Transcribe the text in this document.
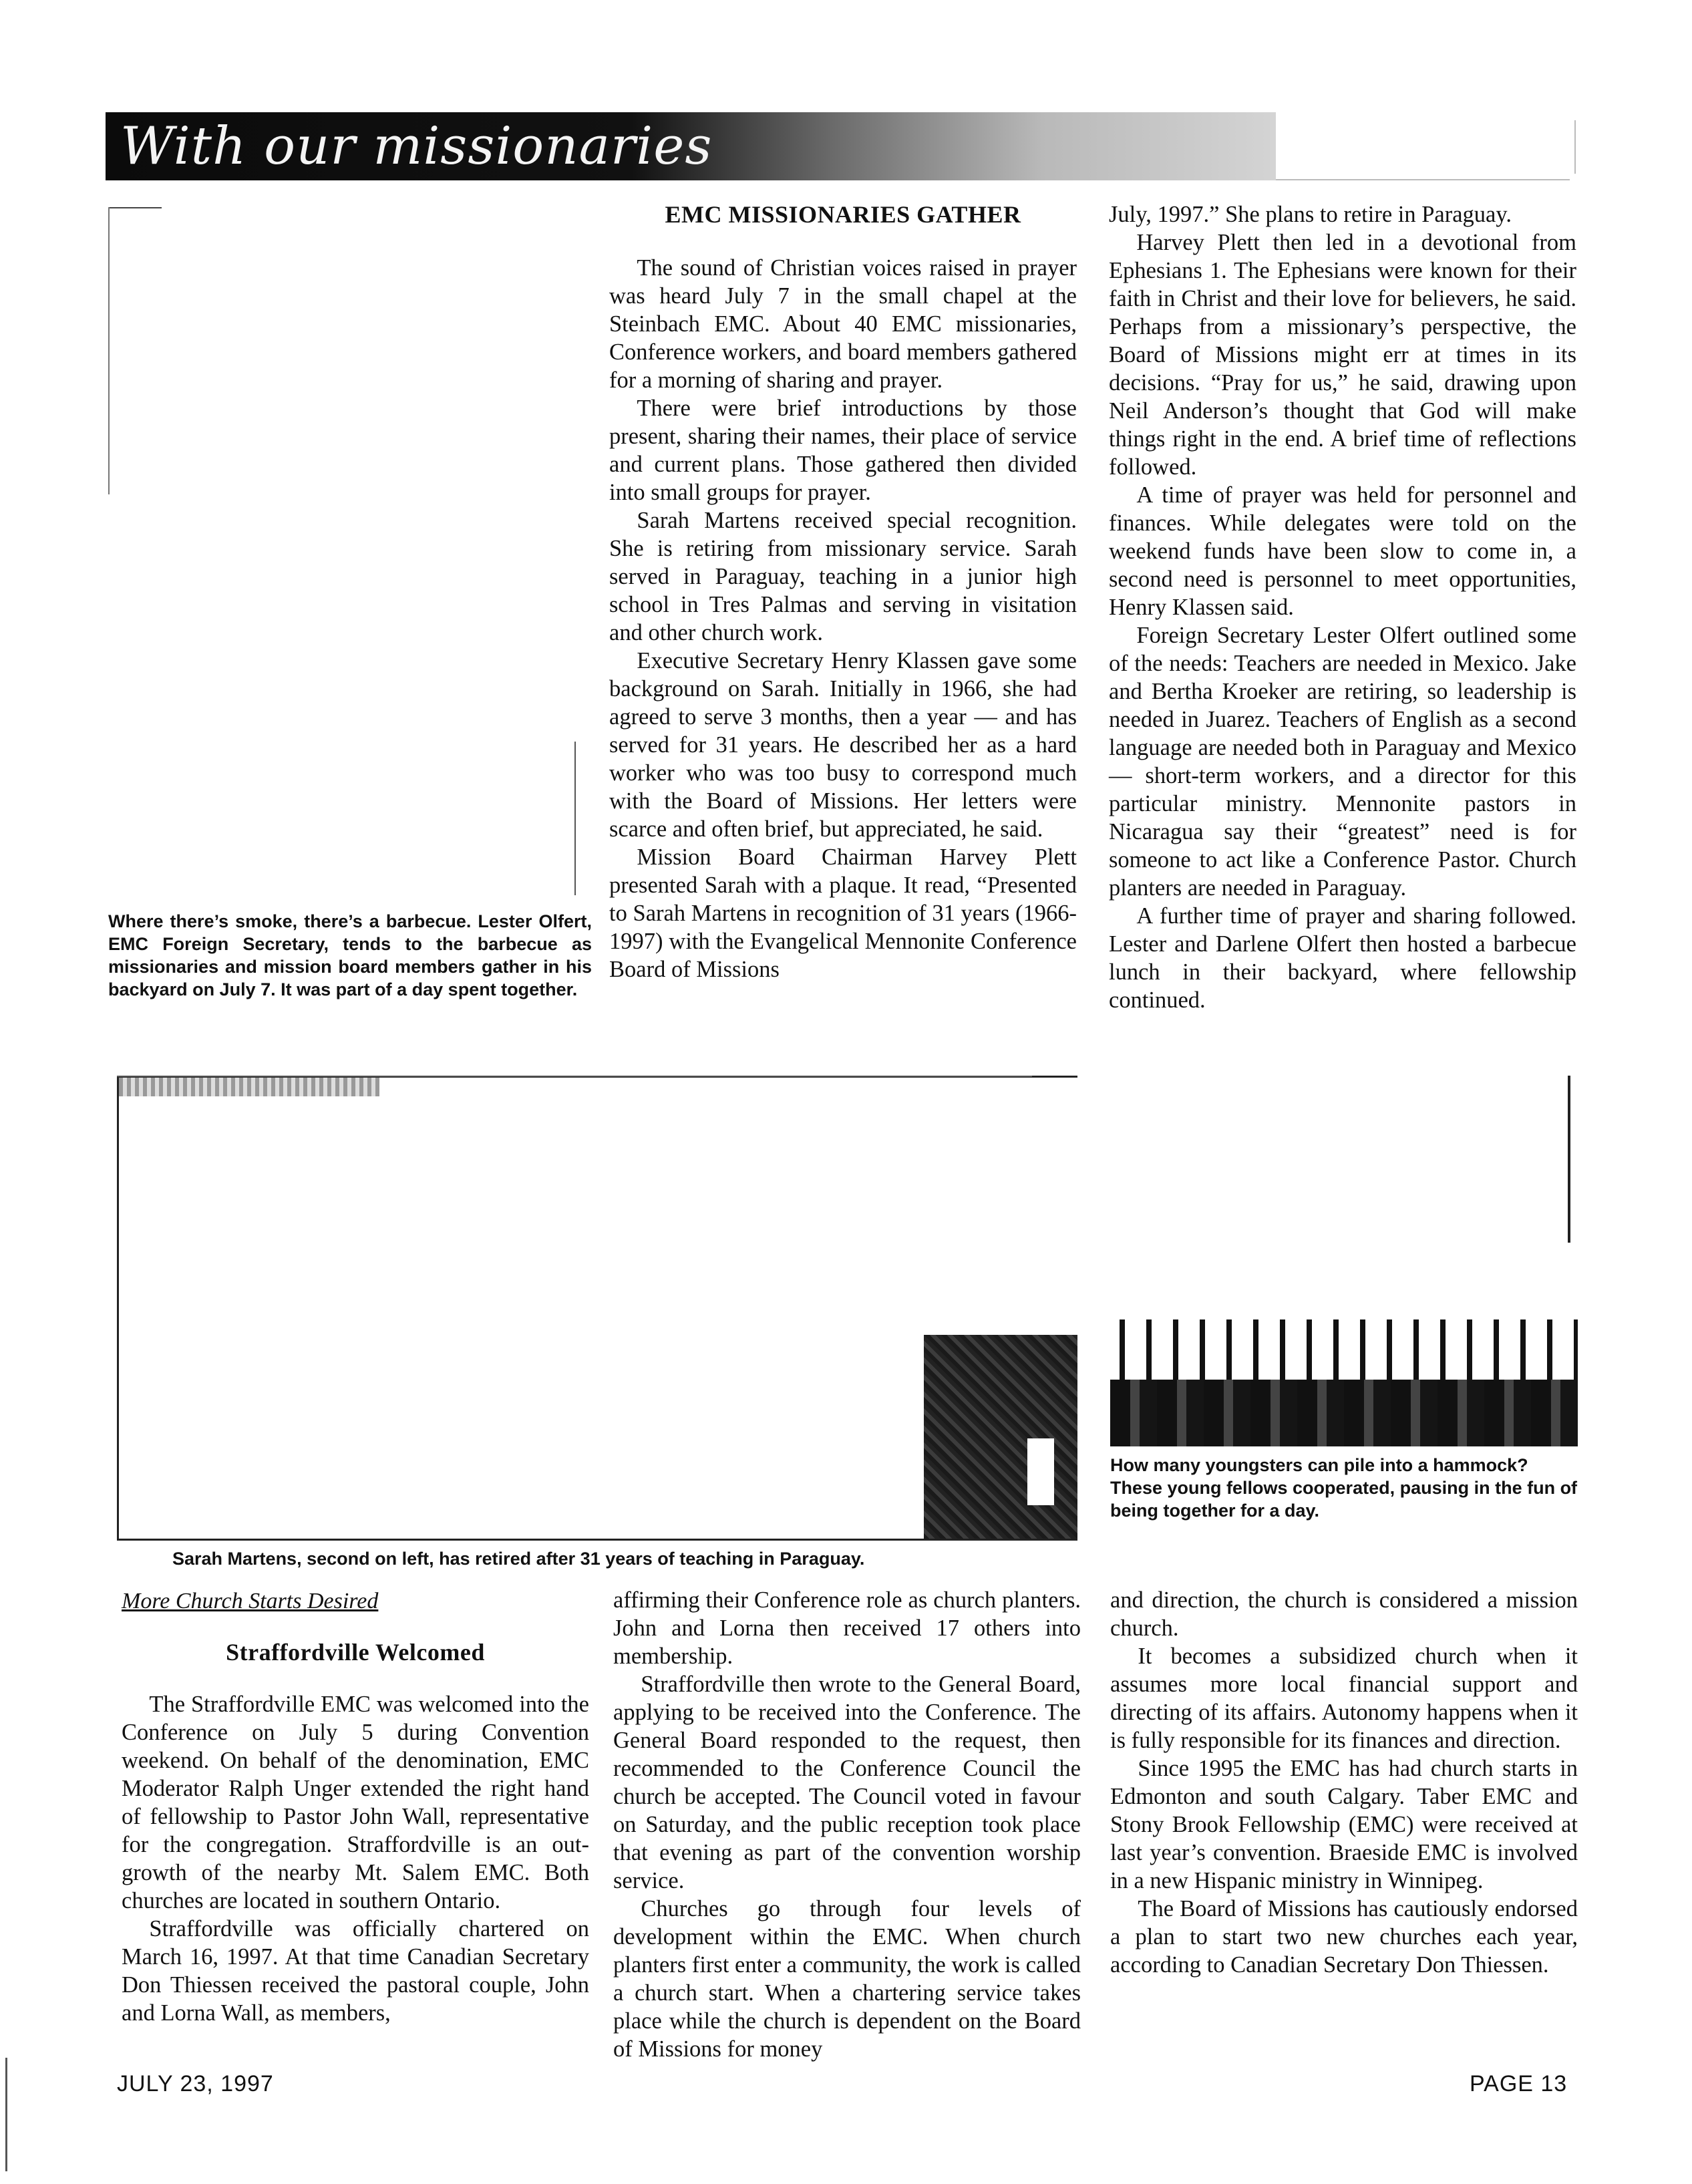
With our missionaries
Where there’s smoke, there’s a barbecue. Lester Olfert, EMC Foreign Secretary, tends to the barbecue as missionaries and mission board members gather in his backyard on July 7. It was part of a day spent together.
EMC MISSIONARIES GATHER

The sound of Christian voices raised in prayer was heard July 7 in the small chapel at the Steinbach EMC. About 40 EMC missionaries, Conference workers, and board members gathered for a morning of sharing and prayer.

There were brief introductions by those present, sharing their names, their place of service and current plans. Those gathered then divided into small groups for prayer.

Sarah Martens received special recognition. She is retiring from missionary service. Sarah served in Paraguay, teaching in a junior high school in Tres Palmas and serving in visitation and other church work.

Executive Secretary Henry Klassen gave some background on Sarah. Initially in 1966, she had agreed to serve 3 months, then a year — and has served for 31 years. He described her as a hard worker who was too busy to correspond much with the Board of Missions. Her letters were scarce and often brief, but appreciated, he said.

Mission Board Chairman Harvey Plett presented Sarah with a plaque. It read, “Presented to Sarah Martens in recognition of 31 years (1966-1997) with the Evangelical Mennonite Conference Board of Missions

July, 1997.” She plans to retire in Paraguay.

Harvey Plett then led in a devotional from Ephesians 1. The Ephesians were known for their faith in Christ and their love for believers, he said. Perhaps from a missionary’s perspective, the Board of Missions might err at times in its decisions. “Pray for us,” he said, drawing upon Neil Anderson’s thought that God will make things right in the end. A brief time of reflections followed.

A time of prayer was held for personnel and finances. While delegates were told on the weekend funds have been slow to come in, a second need is personnel to meet opportunities, Henry Klassen said.

Foreign Secretary Lester Olfert outlined some of the needs: Teachers are needed in Mexico. Jake and Bertha Kroeker are retiring, so leadership is needed in Juarez. Teachers of English as a second language are needed both in Paraguay and Mexico — short-term workers, and a director for this particular ministry. Mennonite pastors in Nicaragua say their “greatest” need is for someone to act like a Conference Pastor. Church planters are needed in Paraguay.

A further time of prayer and sharing followed. Lester and Darlene Olfert then hosted a barbecue lunch in their backyard, where fellowship continued.

Sarah Martens, second on left, has retired after 31 years of teaching in Paraguay.
How many youngsters can pile into a hammock? These young fellows cooperated, pausing in the fun of being together for a day.
More Church Starts Desired
Straffordville Welcomed

The Straffordville EMC was welcomed into the Conference on July 5 during Convention weekend. On behalf of the denomination, EMC Moderator Ralph Unger extended the right hand of fellowship to Pastor John Wall, representative for the congregation. Straffordville is an out-growth of the nearby Mt. Salem EMC. Both churches are located in southern Ontario.

Straffordville was officially chartered on March 16, 1997. At that time Canadian Secretary Don Thiessen received the pastoral couple, John and Lorna Wall, as members,

affirming their Conference role as church planters. John and Lorna then received 17 others into membership.

Straffordville then wrote to the General Board, applying to be received into the Conference. The General Board responded to the request, then recommended to the Conference Council the church be accepted. The Council voted in favour on Saturday, and the public reception took place that evening as part of the convention worship service.

Churches go through four levels of development within the EMC. When church planters first enter a community, the work is called a church start. When a chartering service takes place while the church is dependent on the Board of Missions for money

and direction, the church is considered a mission church.

It becomes a subsidized church when it assumes more local financial support and directing of its affairs. Autonomy happens when it is fully responsible for its finances and direction.

Since 1995 the EMC has had church starts in Edmonton and south Calgary. Taber EMC and Stony Brook Fellowship (EMC) were received at last year’s convention. Braeside EMC is involved in a new Hispanic ministry in Winnipeg.

The Board of Missions has cautiously endorsed a plan to start two new churches each year, according to Canadian Secretary Don Thiessen.

JULY 23, 1997	PAGE 13
